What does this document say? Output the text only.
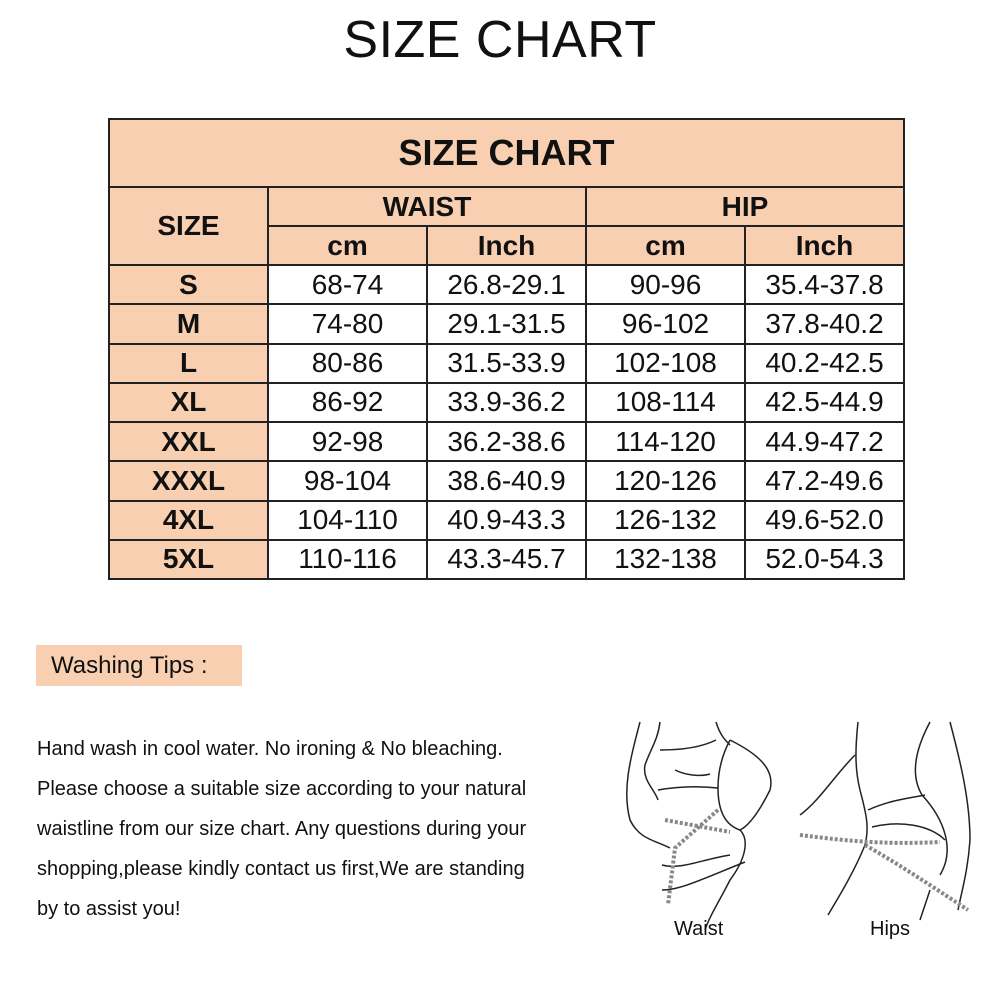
SIZE CHART
SIZE CHART				
SIZE	WAIST		HIP	
	cm	Inch	cm	Inch
S	68-74	26.8-29.1	90-96	35.4-37.8
M	74-80	29.1-31.5	96-102	37.8-40.2
L	80-86	31.5-33.9	102-108	40.2-42.5
XL	86-92	33.9-36.2	108-114	42.5-44.9
XXL	92-98	36.2-38.6	114-120	44.9-47.2
XXXL	98-104	38.6-40.9	120-126	47.2-49.6
4XL	104-110	40.9-43.3	126-132	49.6-52.0
5XL	110-116	43.3-45.7	132-138	52.0-54.3
Washing Tips :
Hand wash in cool water. No ironing & No bleaching.
Please choose a suitable size according to your natural
waistline from our size chart. Any questions during your
shopping,please kindly contact us first,We are standing
by to assist you!
Waist	Hips
